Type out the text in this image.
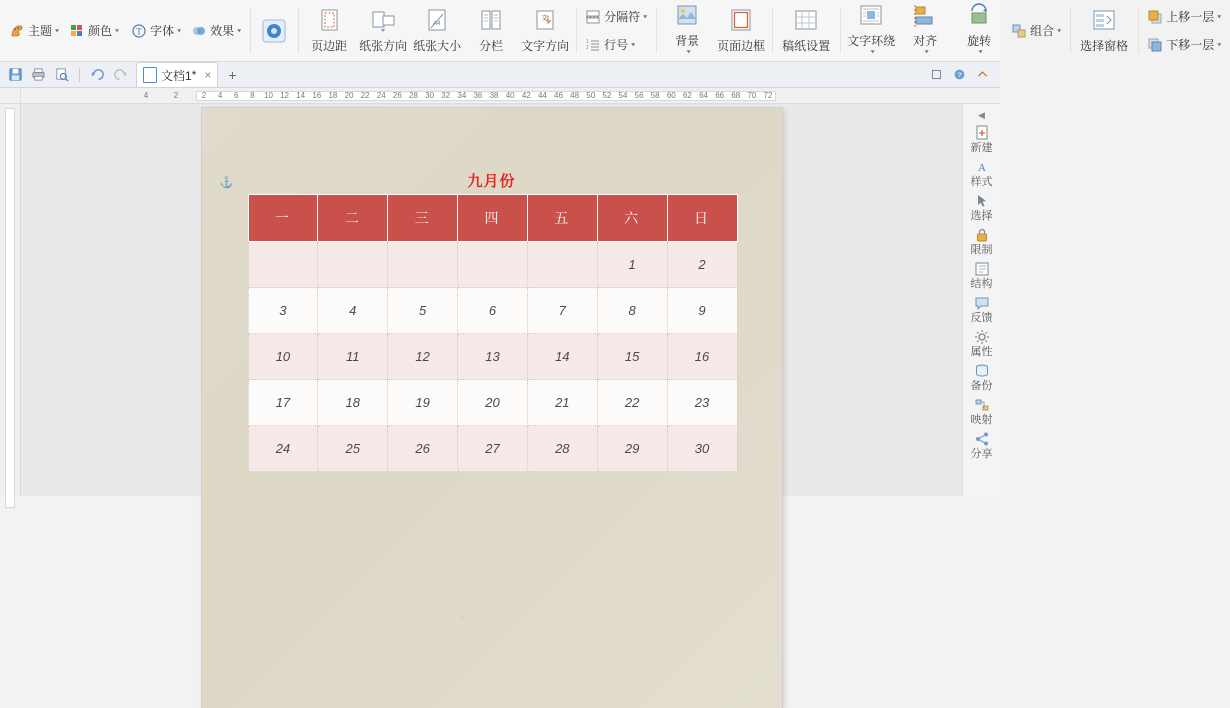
主题 ▾ 颜色 ▾ T 字体 ▾ 效果 ▾
页边距 纸张方向
A4
纸张大小 分栏
文
文字方向
分隔符 ▾
1
2 行号 ▾	背景
▾ 页面边框 稿纸设置 文字环绕
▾
对齐
▾
旋转
▾
组合 ▾
选择窗格
上移一层 ▾
下移一层 ▾
文档1 * × +	?
4	2	2 4 6 8 10 12 14 16 18 20 22 24 26 28 30 32 34 36 38 40 42 44 46 48 50 52 54 56 58 60 62 64 66 68 70 72
⚓	九月份
一	二	三	四	五	六	日
					1	2
3	4	5	6	7	8	9
10	11	12	13	14	15	16
17	18	19	20	21	22	23
24	25	26	27	28	29	30
◀
新建
A
样式
选择
限制
结构
反馈
属性
备份
映射
分享
